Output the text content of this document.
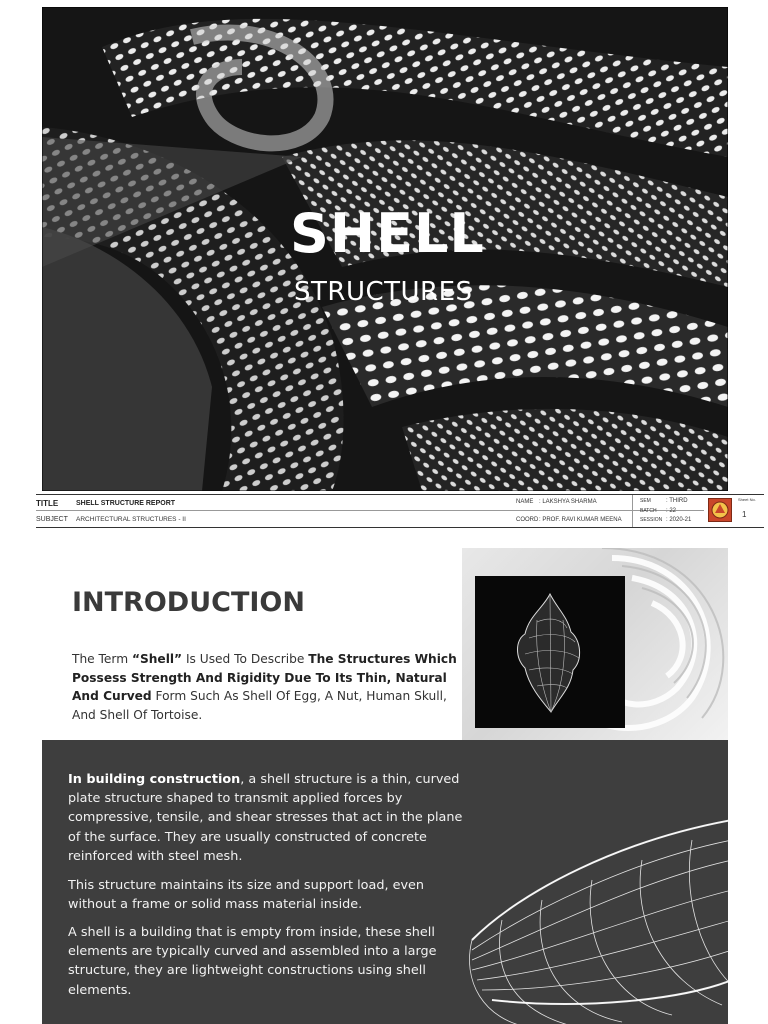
SHELL
STRUCTURES
TITLE	SHELL STRUCTURE REPORT
SUBJECT ARCHITECTURAL STRUCTURES - II
NAME : LAKSHYA SHARMA
COORD : PROF. RAVI KUMAR MEENA
SEM	: THIRD
BATCH : 22
SESSION : 2020-21
Sheet No.
1
INTRODUCTION
The Term “Shell” Is Used To Describe The Structures Which Possess Strength And Rigidity Due To Its Thin, Natural And Curved Form Such As Shell Of Egg, A Nut, Human Skull, And Shell Of Tortoise.

In building construction, a shell structure is a thin, curved plate structure shaped to transmit applied forces by compressive, tensile, and shear stresses that act in the plane of the surface. They are usually constructed of concrete reinforced with steel mesh.

This structure maintains its size and support load, even without a frame or solid mass material inside.

A shell is a building that is empty from inside, these shell elements are typically curved and assembled into a large structure, they are lightweight constructions using shell elements.
